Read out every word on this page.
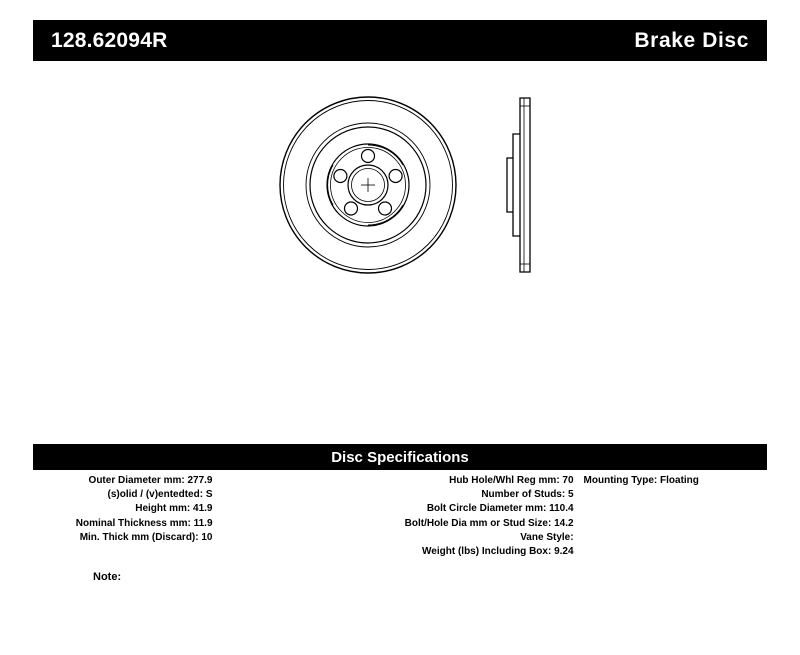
128.62094R	Brake Disc
Disc Specifications
Outer Diameter mm: 277.9
(s)olid / (v)entedted: S
Height mm: 41.9
Nominal Thickness mm: 11.9
Min. Thick mm (Discard): 10
Hub Hole/Whl Reg mm: 70
Number of Studs: 5
Bolt Circle Diameter mm: 110.4
Bolt/Hole Dia mm or Stud Size: 14.2
Vane Style:
Weight (lbs) Including Box: 9.24
Mounting Type: Floating
Note:
